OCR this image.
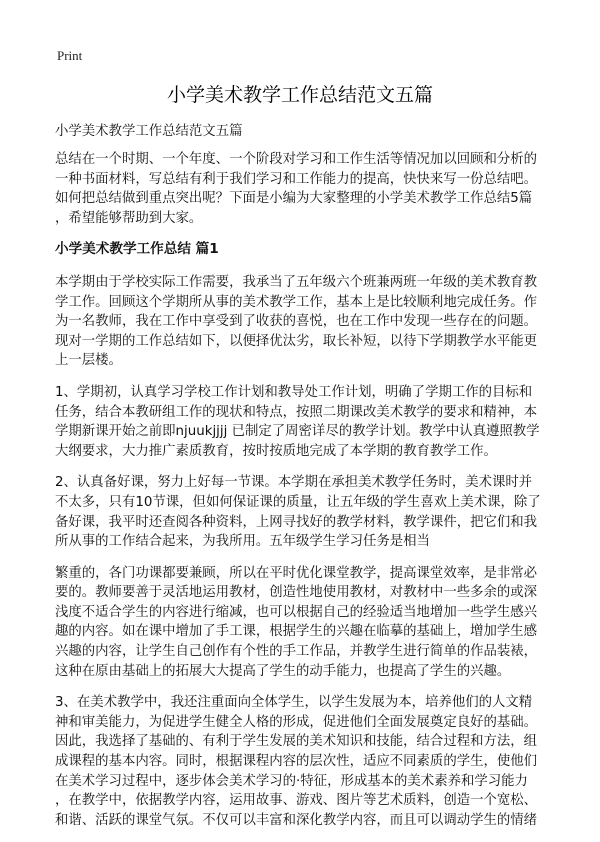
Print
小学美术教学工作总结范文五篇
小学美术教学工作总结范文五篇
总结在一个时期、一个年度、一个阶段对学习和工作生活等情况加以回顾和分析的
一种书面材料，写总结有利于我们学习和工作能力的提高，快快来写一份总结吧。
如何把总结做到重点突出呢？下面是小编为大家整理的小学美术教学工作总结5篇
，希望能够帮助到大家。
小学美术教学工作总结 篇1
本学期由于学校实际工作需要，我承当了五年级六个班兼两班一年级的美术教育教
学工作。回顾这个学期所从事的美术教学工作，基本上是比较顺利地完成任务。作
为一名教师，我在工作中享受到了收获的喜悦，也在工作中发现一些存在的问题。
现对一学期的工作总结如下，以便择优汰劣，取长补短，以待下学期教学水平能更
上一层楼。
1、学期初，认真学习学校工作计划和教导处工作计划，明确了学期工作的目标和
任务，结合本教研组工作的现状和特点，按照二期课改美术教学的要求和精神，本
学期新课开始之前即njuukjjjj 已制定了周密详尽的教学计划。教学中认真遵照教学
大纲要求，大力推广素质教育，按时按质地完成了本学期的教育教学工作。
2、认真备好课，努力上好每一节课。本学期在承担美术教学任务时，美术课时并
不太多，只有10节课，但如何保证课的质量，让五年级的学生喜欢上美术课，除了
备好课，我平时还查阅各种资料，上网寻找好的教学材料，教学课件，把它们和我
所从事的工作结合起来，为我所用。五年级学生学习任务是相当
繁重的，各门功课都要兼顾，所以在平时优化课堂教学，提高课堂效率，是非常必
要的。教师要善于灵活地运用教材，创造性地使用教材，对教材中一些多余的或深
浅度不适合学生的内容进行缩减，也可以根据自己的经验适当地增加一些学生感兴
趣的内容。如在课中增加了手工课，根据学生的兴趣在临摹的基础上，增加学生感
兴趣的内容，让学生自己创作有个性的手工作品，并教学生进行简单的作品装裱，
这种在原由基础上的拓展大大提高了学生的动手能力，也提高了学生的兴趣。
3、在美术教学中，我还注重面向全体学生，以学生发展为本，培养他们的人文精
神和审美能力，为促进学生健全人格的形成，促进他们全面发展奠定良好的基础。
因此，我选择了基础的、有利于学生发展的美术知识和技能，结合过程和方法，组
成课程的基本内容。同时，根据课程内容的层次性，适应不同素质的学生，使他们
在美术学习过程中，逐步体会美术学习的·特征，形成基本的美术素养和学习能力
，在教学中，依据教学内容，运用故事、游戏、图片等艺术质料，创造一个宽松、
和谐、活跃的课堂气氛。不仅可以丰富和深化教学内容，而且可以调动学生的情绪
